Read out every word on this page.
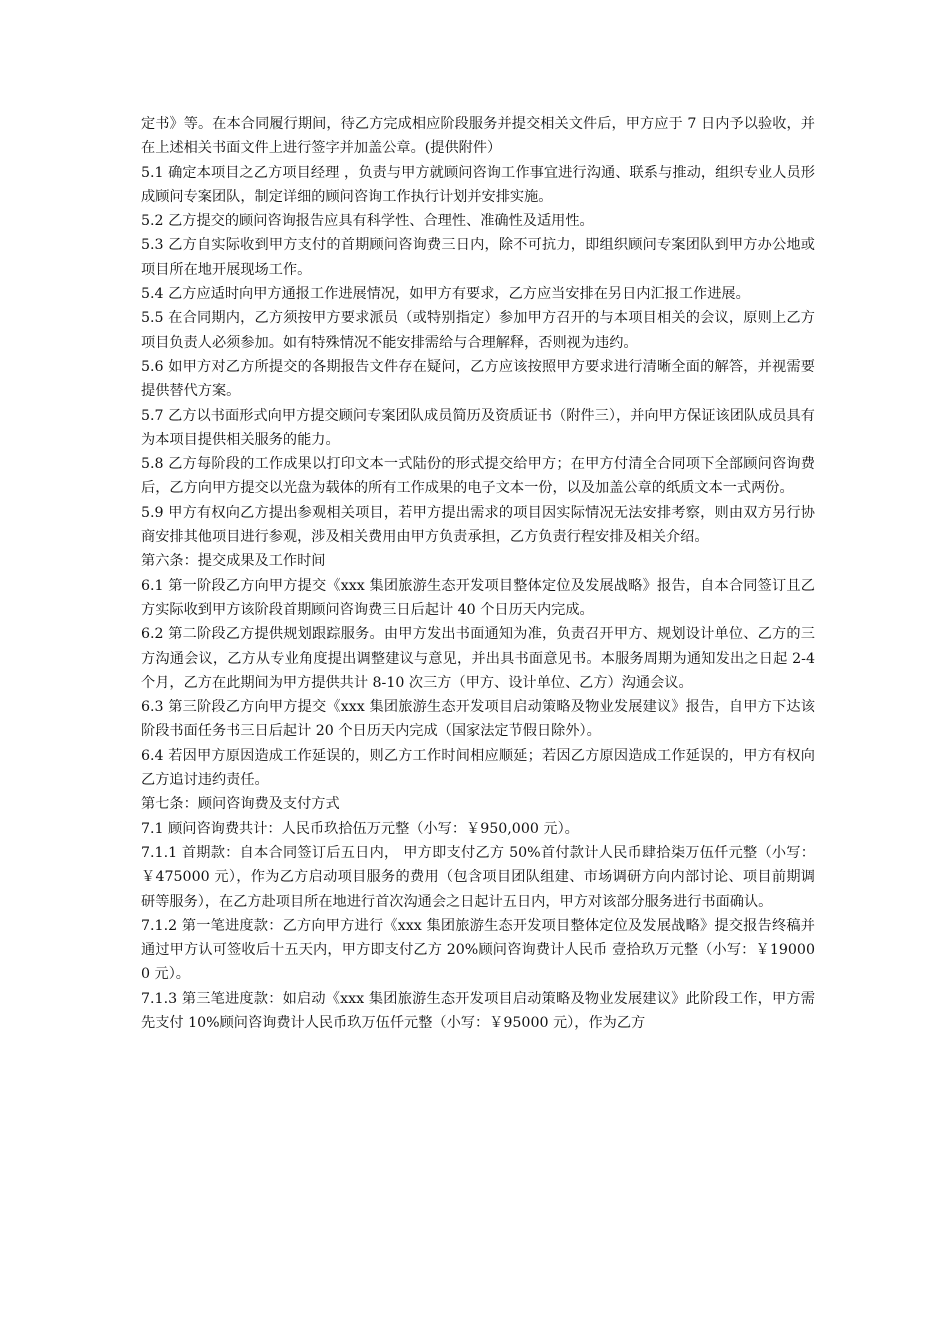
定书》等。在本合同履行期间，待乙方完成相应阶段服务并提交相关文件后，甲方应于 7 日内予以验收，并在上述相关书面文件上进行签字并加盖公章。(提供附件）

5.1 确定本项目之乙方项目经理 ，负责与甲方就顾问咨询工作事宜进行沟通、联系与推动，组织专业人员形成顾问专案团队，制定详细的顾问咨询工作执行计划并安排实施。

5.2 乙方提交的顾问咨询报告应具有科学性、合理性、准确性及适用性。

5.3 乙方自实际收到甲方支付的首期顾问咨询费三日内，除不可抗力，即组织顾问专案团队到甲方办公地或项目所在地开展现场工作。

5.4 乙方应适时向甲方通报工作进展情况，如甲方有要求，乙方应当安排在另日内汇报工作进展。

5.5 在合同期内，乙方须按甲方要求派员（或特别指定）参加甲方召开的与本项目相关的会议，原则上乙方项目负责人必须参加。如有特殊情况不能安排需给与合理解释，否则视为违约。

5.6 如甲方对乙方所提交的各期报告文件存在疑问，乙方应该按照甲方要求进行清晰全面的解答，并视需要提供替代方案。

5.7 乙方以书面形式向甲方提交顾问专案团队成员简历及资质证书（附件三），并向甲方保证该团队成员具有为本项目提供相关服务的能力。

5.8 乙方每阶段的工作成果以打印文本一式陆份的形式提交给甲方；在甲方付清全合同项下全部顾问咨询费后，乙方向甲方提交以光盘为载体的所有工作成果的电子文本一份，以及加盖公章的纸质文本一式两份。

5.9 甲方有权向乙方提出参观相关项目，若甲方提出需求的项目因实际情况无法安排考察，则由双方另行协商安排其他项目进行参观，涉及相关费用由甲方负责承担，乙方负责行程安排及相关介绍。

第六条：提交成果及工作时间

6.1 第一阶段乙方向甲方提交《xxx 集团旅游生态开发项目整体定位及发展战略》报告，自本合同签订且乙方实际收到甲方该阶段首期顾问咨询费三日后起计 40 个日历天内完成。

6.2 第二阶段乙方提供规划跟踪服务。由甲方发出书面通知为准，负责召开甲方、规划设计单位、乙方的三方沟通会议，乙方从专业角度提出调整建议与意见，并出具书面意见书。本服务周期为通知发出之日起 2-4 个月，乙方在此期间为甲方提供共计 8-10 次三方（甲方、设计单位、乙方）沟通会议。

6.3 第三阶段乙方向甲方提交《xxx 集团旅游生态开发项目启动策略及物业发展建议》报告，自甲方下达该阶段书面任务书三日后起计 20 个日历天内完成（国家法定节假日除外）。

6.4 若因甲方原因造成工作延误的，则乙方工作时间相应顺延；若因乙方原因造成工作延误的，甲方有权向乙方追讨违约责任。

第七条：顾问咨询费及支付方式

7.1 顾问咨询费共计：人民币玖拾伍万元整（小写：￥950,000 元）。

7.1.1 首期款：自本合同签订后五日内， 甲方即支付乙方 50%首付款计人民币肆拾柒万伍仟元整（小写：￥475000 元），作为乙方启动项目服务的费用（包含项目团队组建、市场调研方向内部讨论、项目前期调研等服务），在乙方赴项目所在地进行首次沟通会之日起计五日内，甲方对该部分服务进行书面确认。

7.1.2 第一笔进度款：乙方向甲方进行《xxx 集团旅游生态开发项目整体定位及发展战略》提交报告终稿并通过甲方认可签收后十五天内，甲方即支付乙方 20%顾问咨询费计人民币 壹拾玖万元整（小写：￥190000 元）。

7.1.3 第三笔进度款：如启动《xxx 集团旅游生态开发项目启动策略及物业发展建议》此阶段工作，甲方需先支付 10%顾问咨询费计人民币玖万伍仟元整（小写：￥95000 元），作为乙方
